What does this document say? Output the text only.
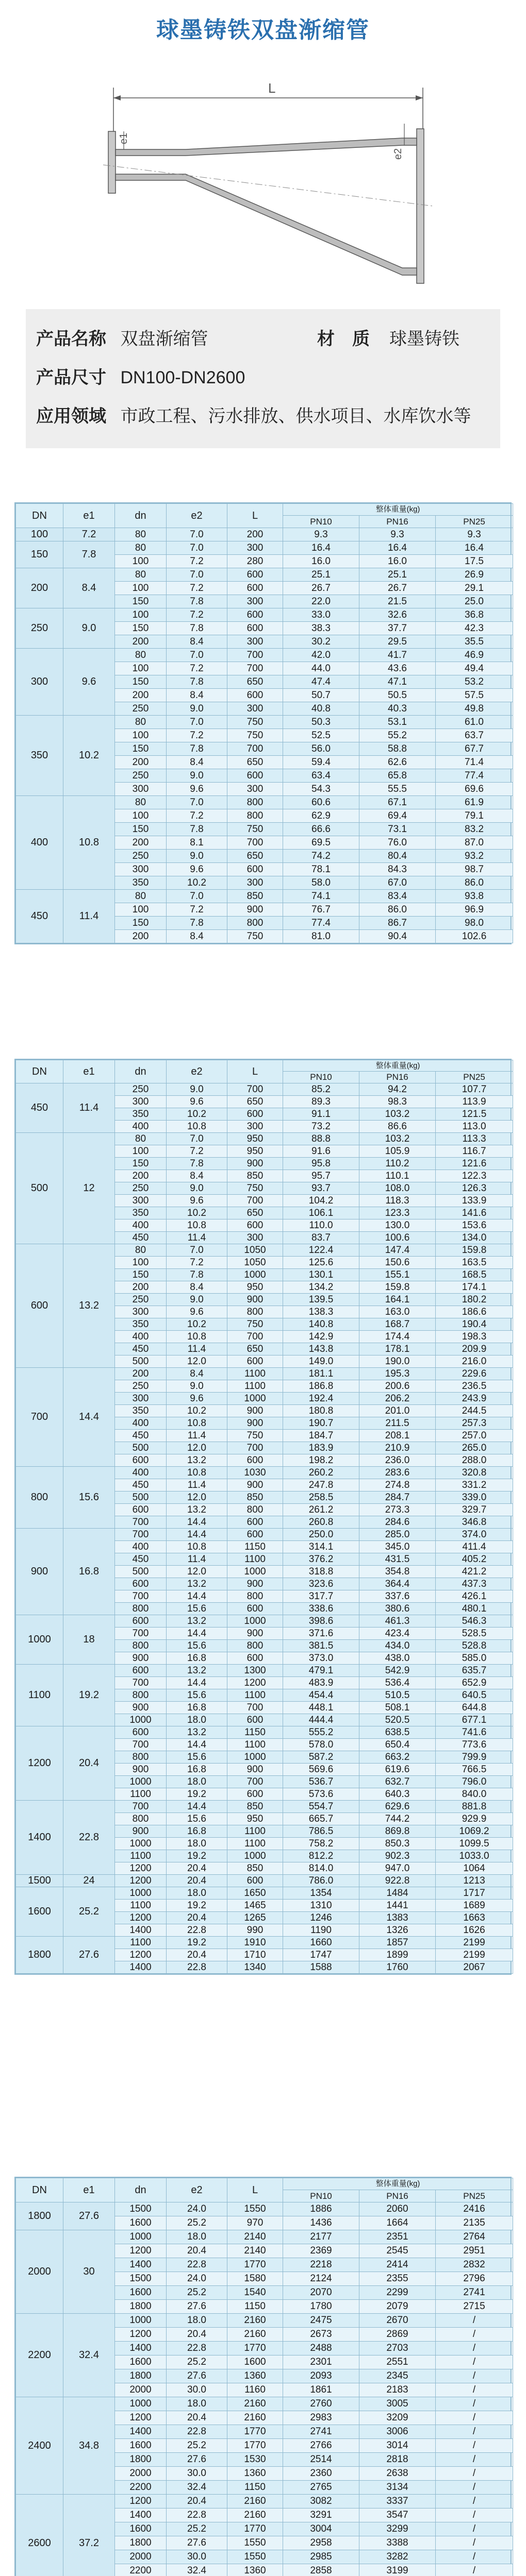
球墨铸铁双盘渐缩管
L
e1
e2
产品名称 双盘渐缩管	材　质 球墨铸铁
产品尺寸 DN100-DN2600
应用领域 市政工程、污水排放、供水项目、水库饮水等
DN	e1	dn	e2	L	整体重量(kg)		
					PN10	PN16	PN25
100	7.2	80	7.0	200	9.3	9.3	9.3
150	7.8	80	7.0	300	16.4	16.4	16.4
		100	7.2	280	16.0	16.0	17.5
200	8.4	80	7.0	600	25.1	25.1	26.9
		100	7.2	600	26.7	26.7	29.1
		150	7.8	300	22.0	21.5	25.0
250	9.0	100	7.2	600	33.0	32.6	36.8
		150	7.8	600	38.3	37.7	42.3
		200	8.4	300	30.2	29.5	35.5
300	9.6	80	7.0	700	42.0	41.7	46.9
		100	7.2	700	44.0	43.6	49.4
		150	7.8	650	47.4	47.1	53.2
		200	8.4	600	50.7	50.5	57.5
		250	9.0	300	40.8	40.3	49.8
350	10.2	80	7.0	750	50.3	53.1	61.0
		100	7.2	750	52.5	55.2	63.7
		150	7.8	700	56.0	58.8	67.7
		200	8.4	650	59.4	62.6	71.4
		250	9.0	600	63.4	65.8	77.4
		300	9.6	300	54.3	55.5	69.6
400	10.8	80	7.0	800	60.6	67.1	61.9
		100	7.2	800	62.9	69.4	79.1
		150	7.8	750	66.6	73.1	83.2
		200	8.1	700	69.5	76.0	87.0
		250	9.0	650	74.2	80.4	93.2
		300	9.6	600	78.1	84.3	98.7
		350	10.2	300	58.0	67.0	86.0
450	11.4	80	7.0	850	74.1	83.4	93.8
		100	7.2	900	76.7	86.0	96.9
		150	7.8	800	77.4	86.7	98.0
		200	8.4	750	81.0	90.4	102.6
DN	e1	dn	e2	L	整体重量(kg)		
					PN10	PN16	PN25
450	11.4	250	9.0	700	85.2	94.2	107.7
		300	9.6	650	89.3	98.3	113.9
		350	10.2	600	91.1	103.2	121.5
		400	10.8	300	73.2	86.6	113.0
500	12	80	7.0	950	88.8	103.2	113.3
		100	7.2	950	91.6	105.9	116.7
		150	7.8	900	95.8	110.2	121.6
		200	8.4	850	95.7	110.1	122.3
		250	9.0	750	93.7	108.0	126.3
		300	9.6	700	104.2	118.3	133.9
		350	10.2	650	106.1	123.3	141.6
		400	10.8	600	110.0	130.0	153.6
		450	11.4	300	83.7	100.6	134.0
600	13.2	80	7.0	1050	122.4	147.4	159.8
		100	7.2	1050	125.6	150.6	163.5
		150	7.8	1000	130.1	155.1	168.5
		200	8.4	950	134.2	159.8	174.1
		250	9.0	900	139.5	164.1	180.2
		300	9.6	800	138.3	163.0	186.6
		350	10.2	750	140.8	168.7	190.4
		400	10.8	700	142.9	174.4	198.3
		450	11.4	650	143.8	178.1	209.9
		500	12.0	600	149.0	190.0	216.0
700	14.4	200	8.4	1100	181.1	195.3	229.6
		250	9.0	1100	186.8	200.6	236.5
		300	9.6	1000	192.4	206.2	243.9
		350	10.2	900	180.8	201.0	244.5
		400	10.8	900	190.7	211.5	257.3
		450	11.4	750	184.7	208.1	257.0
		500	12.0	700	183.9	210.9	265.0
		600	13.2	600	198.2	236.0	288.0
800	15.6	400	10.8	1030	260.2	283.6	320.8
		450	11.4	900	247.8	274.8	331.2
		500	12.0	850	258.5	284.7	339.0
		600	13.2	800	261.2	273.3	329.7
		700	14.4	600	260.8	284.6	346.8
900	16.8	700	14.4	600	250.0	285.0	374.0
		400	10.8	1150	314.1	345.0	411.4
		450	11.4	1100	376.2	431.5	405.2
		500	12.0	1000	318.8	354.8	421.2
		600	13.2	900	323.6	364.4	437.3
		700	14.4	800	317.7	337.6	426.1
		800	15.6	600	338.6	380.6	480.1
1000	18	600	13.2	1000	398.6	461.3	546.3
		700	14.4	900	371.6	423.4	528.5
		800	15.6	800	381.5	434.0	528.8
		900	16.8	600	373.0	438.0	585.0
1100	19.2	600	13.2	1300	479.1	542.9	635.7
		700	14.4	1200	483.9	536.4	652.9
		800	15.6	1100	454.4	510.5	640.5
		900	16.8	700	448.1	508.1	644.8
		1000	18.0	600	444.4	520.5	677.1
1200	20.4	600	13.2	1150	555.2	638.5	741.6
		700	14.4	1100	578.0	650.4	773.6
		800	15.6	1000	587.2	663.2	799.9
		900	16.8	900	569.6	619.6	766.5
		1000	18.0	700	536.7	632.7	796.0
		1100	19.2	600	573.6	640.3	840.0
1400	22.8	700	14.4	850	554.7	629.6	881.8
		800	15.6	950	665.7	744.2	929.9
		900	16.8	1100	786.5	869.8	1069.2
		1000	18.0	1100	758.2	850.3	1099.5
		1100	19.2	1000	812.2	902.3	1033.0
		1200	20.4	850	814.0	947.0	1064
1500	24	1200	20.4	600	786.0	922.8	1213
1600	25.2	1000	18.0	1650	1354	1484	1717
		1100	19.2	1465	1310	1441	1689
		1200	20.4	1265	1246	1383	1663
		1400	22.8	990	1190	1326	1626
1800	27.6	1100	19.2	1910	1660	1857	2199
		1200	20.4	1710	1747	1899	2199
		1400	22.8	1340	1588	1760	2067
DN	e1	dn	e2	L	整体重量(kg)		
					PN10	PN16	PN25
1800	27.6	1500	24.0	1550	1886	2060	2416
		1600	25.2	970	1436	1664	2135
2000	30	1000	18.0	2140	2177	2351	2764
		1200	20.4	2140	2369	2545	2951
		1400	22.8	1770	2218	2414	2832
		1500	24.0	1580	2124	2355	2796
		1600	25.2	1540	2070	2299	2741
		1800	27.6	1150	1780	2079	2715
2200	32.4	1000	18.0	2160	2475	2670	/
		1200	20.4	2160	2673	2869	/
		1400	22.8	1770	2488	2703	/
		1600	25.2	1600	2301	2551	/
		1800	27.6	1360	2093	2345	/
		2000	30.0	1160	1861	2183	/
2400	34.8	1000	18.0	2160	2760	3005	/
		1200	20.4	2160	2983	3209	/
		1400	22.8	1770	2741	3006	/
		1600	25.2	1770	2766	3014	/
		1800	27.6	1530	2514	2818	/
		2000	30.0	1360	2360	2638	/
		2200	32.4	1150	2765	3134	/
2600	37.2	1200	20.4	2160	3082	3337	/
		1400	22.8	2160	3291	3547	/
		1600	25.2	1770	3004	3299	/
		1800	27.6	1550	2958	3388	/
		2000	30.0	1550	2985	3282	/
		2200	32.4	1360	2858	3199	/
